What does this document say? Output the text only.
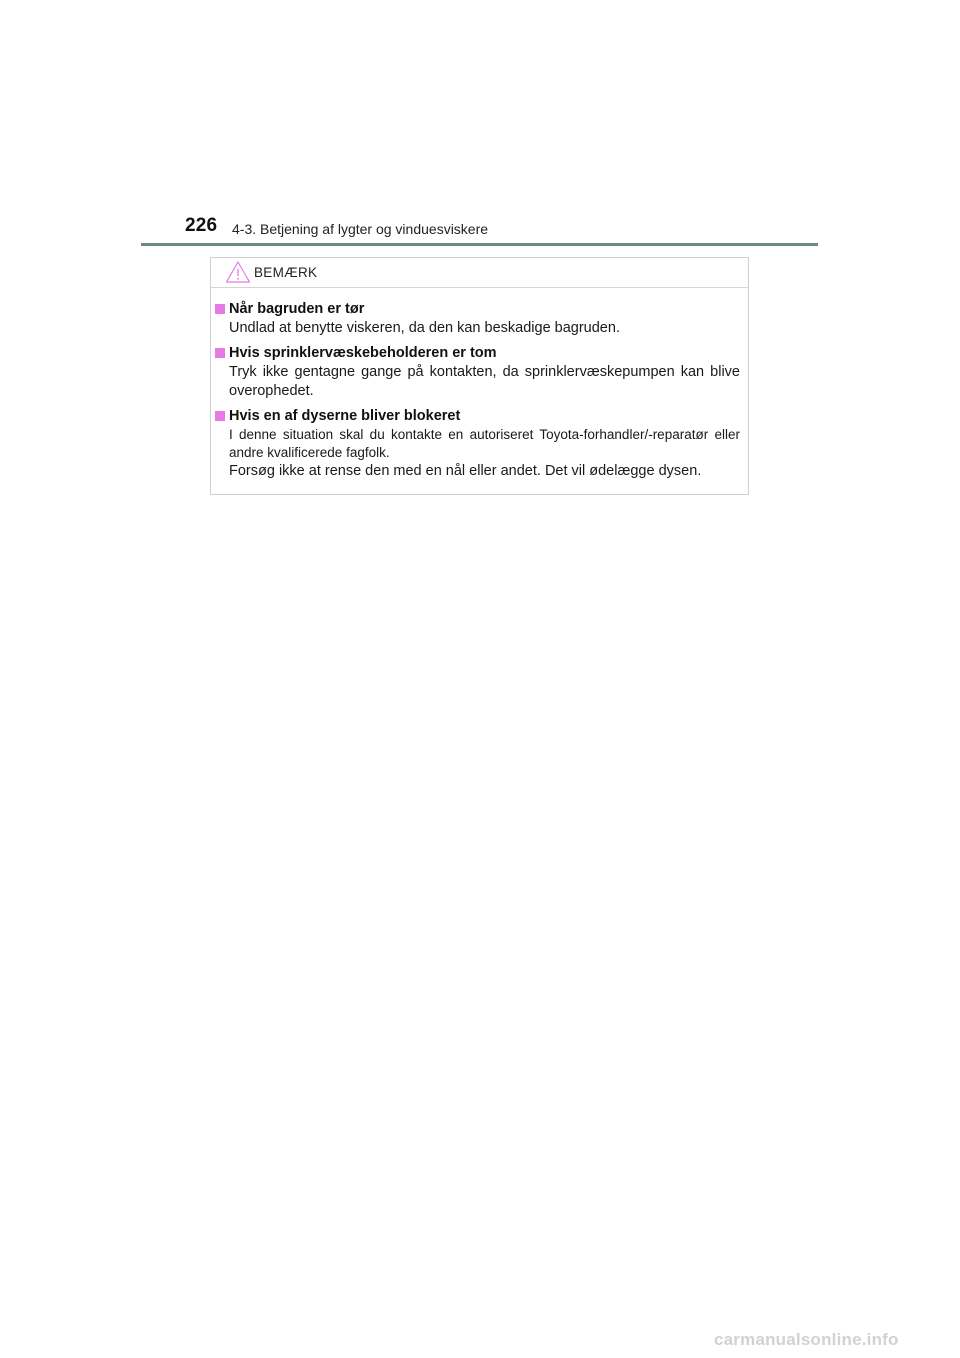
226 4-3. Betjening af lygter og vinduesviskere
BEMÆRK
Når bagruden er tør
Undlad at benytte viskeren, da den kan beskadige bagruden.
Hvis sprinklervæskebeholderen er tom
Tryk ikke gentagne gange på kontakten, da sprinklervæskepumpen kan blive overophedet.
Hvis en af dyserne bliver blokeret
I denne situation skal du kontakte en autoriseret Toyota-forhandler/-reparatør eller andre kvalificerede fagfolk.
Forsøg ikke at rense den med en nål eller andet. Det vil ødelægge dysen.
carmanualsonline.info
